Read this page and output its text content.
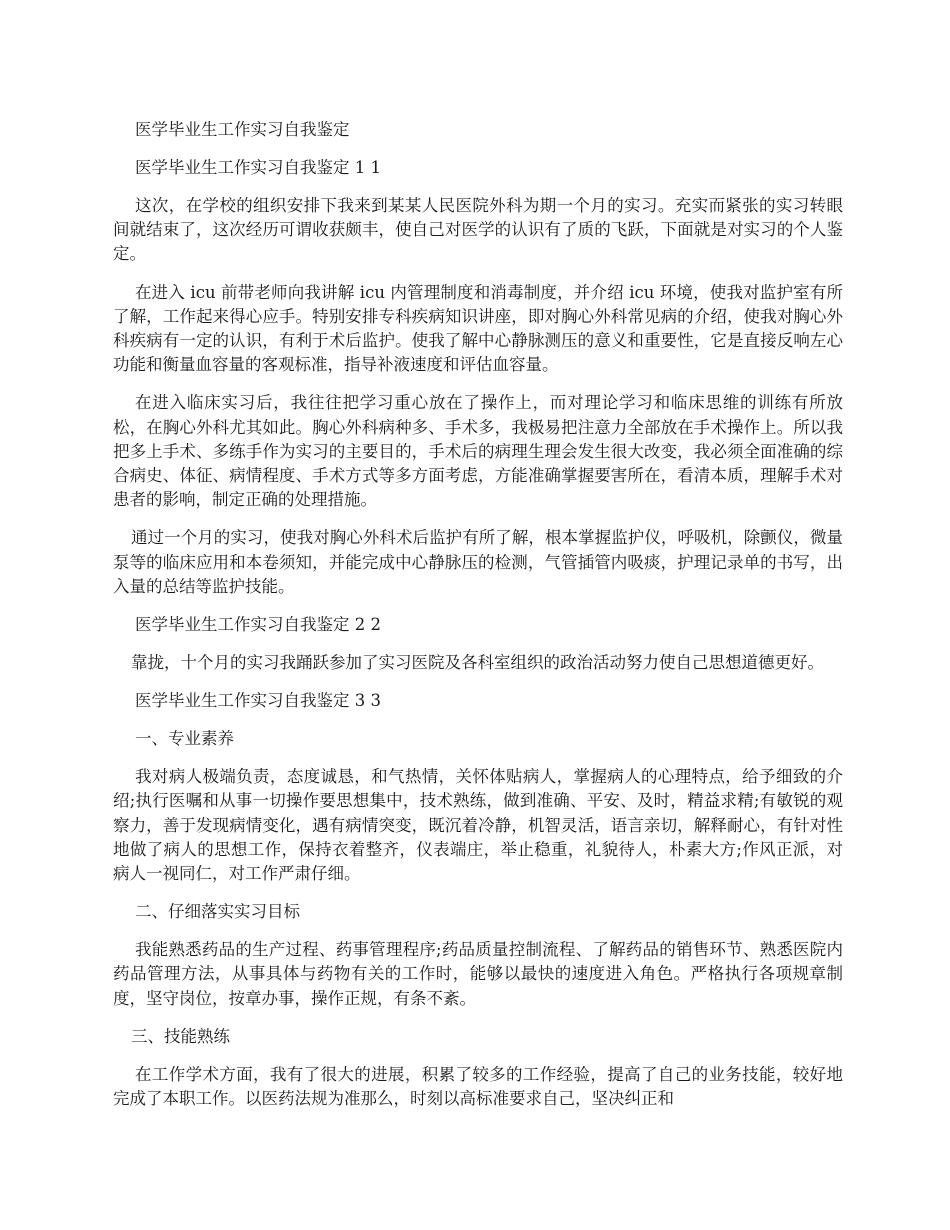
医学毕业生工作实习自我鉴定
医学毕业生工作实习自我鉴定 1 1

这次，在学校的组织安排下我来到某某人民医院外科为期一个月的实习。充实而紧张的实习转眼间就结束了，这次经历可谓收获颇丰，使自己对医学的认识有了质的飞跃，下面就是对实习的个人鉴定。

在进入 icu 前带老师向我讲解 icu 内管理制度和消毒制度，并介绍 icu 环境，使我对监护室有所了解，工作起来得心应手。特别安排专科疾病知识讲座，即对胸心外科常见病的介绍，使我对胸心外科疾病有一定的认识，有利于术后监护。使我了解中心静脉测压的意义和重要性，它是直接反响左心功能和衡量血容量的客观标准，指导补液速度和评估血容量。

在进入临床实习后，我往往把学习重心放在了操作上，而对理论学习和临床思维的训练有所放松，在胸心外科尤其如此。胸心外科病种多、手术多，我极易把注意力全部放在手术操作上。所以我把多上手术、多练手作为实习的主要目的，手术后的病理生理会发生很大改变，我必须全面准确的综合病史、体征、病情程度、手术方式等多方面考虑，方能准确掌握要害所在，看清本质，理解手术对患者的影响，制定正确的处理措施。

通过一个月的实习，使我对胸心外科术后监护有所了解，根本掌握监护仪，呼吸机，除颤仪，微量泵等的临床应用和本卷须知，并能完成中心静脉压的检测，气管插管内吸痰，护理记录单的书写，出入量的总结等监护技能。

医学毕业生工作实习自我鉴定 2 2

靠拢，十个月的实习我踊跃参加了实习医院及各科室组织的政治活动努力使自己思想道德更好。

医学毕业生工作实习自我鉴定 3 3
一、专业素养

我对病人极端负责，态度诚恳，和气热情，关怀体贴病人，掌握病人的心理特点，给予细致的介绍;执行医嘱和从事一切操作要思想集中，技术熟练，做到准确、平安、及时，精益求精;有敏锐的观察力，善于发现病情变化，遇有病情突变，既沉着冷静，机智灵活，语言亲切，解释耐心，有针对性地做了病人的思想工作，保持衣着整齐，仪表端庄，举止稳重，礼貌待人，朴素大方;作风正派，对病人一视同仁，对工作严肃仔细。

二、仔细落实实习目标

我能熟悉药品的生产过程、药事管理程序;药品质量控制流程、了解药品的销售环节、熟悉医院内药品管理方法，从事具体与药物有关的工作时，能够以最快的速度进入角色。严格执行各项规章制度，坚守岗位，按章办事，操作正规，有条不紊。

三、技能熟练

在工作学术方面，我有了很大的进展，积累了较多的工作经验，提高了自己的业务技能，较好地完成了本职工作。以医药法规为准那么，时刻以高标准要求自己，坚决纠正和
